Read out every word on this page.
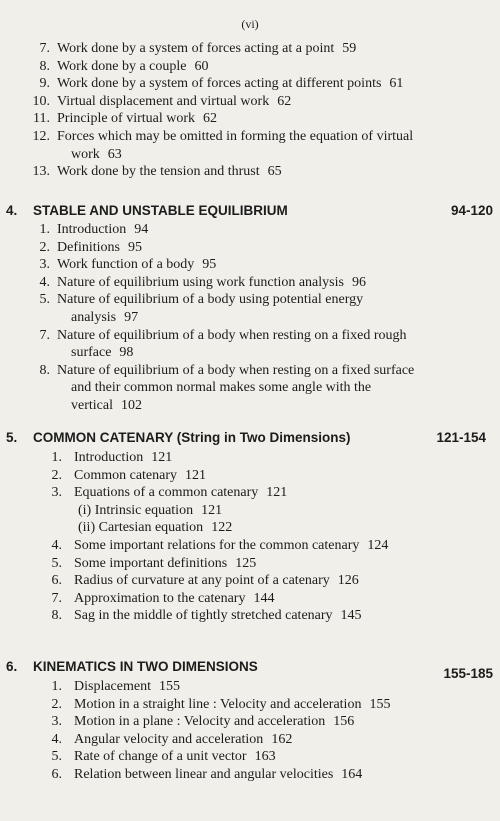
(vi)
7. Work done by a system of forces acting at a point 59
8. Work done by a couple 60
9. Work done by a system of forces acting at different points 61
10. Virtual displacement and virtual work 62
11. Principle of virtual work 62
12. Forces which may be omitted in forming the equation of virtual
work 63
13. Work done by the tension and thrust 65
4. STABLE AND UNSTABLE EQUILIBRIUM	94-120
1. Introduction 94
2. Definitions 95
3. Work function of a body 95
4. Nature of equilibrium using work function analysis 96
5. Nature of equilibrium of a body using potential energy
analysis 97
7. Nature of equilibrium of a body when resting on a fixed rough
surface 98
8. Nature of equilibrium of a body when resting on a fixed surface
and their common normal makes some angle with the
vertical 102
5. COMMON CATENARY (String in Two Dimensions)	121-154
1. Introduction 121
2. Common catenary 121
3. Equations of a common catenary 121
(i) Intrinsic equation 121
(ii) Cartesian equation 122
4. Some important relations for the common catenary 124
5. Some important definitions 125
6. Radius of curvature at any point of a catenary 126
7. Approximation to the catenary 144
8. Sag in the middle of tightly stretched catenary 145
6. KINEMATICS IN TWO DIMENSIONS	155-185
1. Displacement 155
2. Motion in a straight line : Velocity and acceleration 155
3. Motion in a plane : Velocity and acceleration 156
4. Angular velocity and acceleration 162
5. Rate of change of a unit vector 163
6. Relation between linear and angular velocities 164
